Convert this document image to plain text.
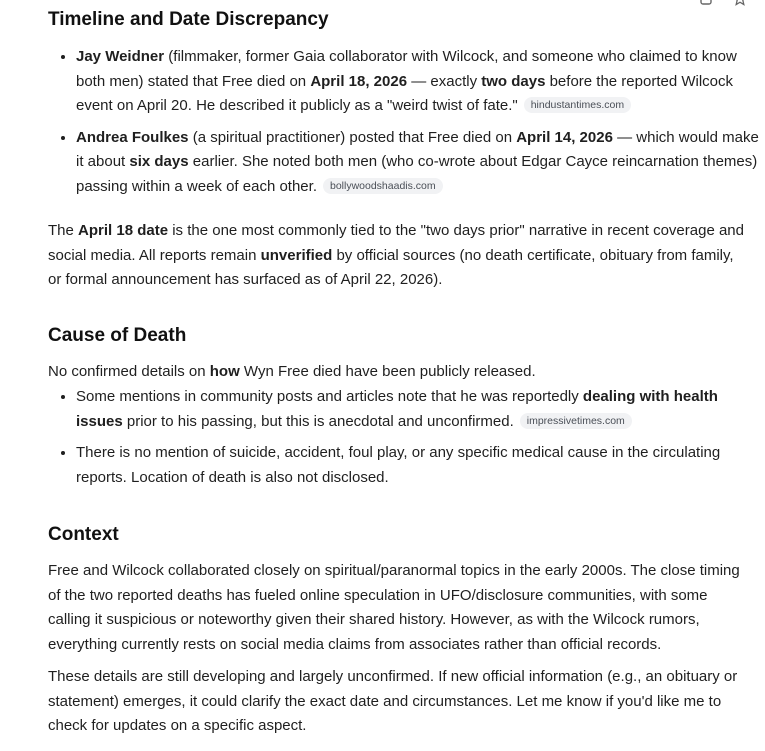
Timeline and Date Discrepancy
• Jay Weidner (filmmaker, former Gaia collaborator with Wilcock, and someone who claimed to know both men) stated that Free died on April 18, 2026 — exactly two days before the reported Wilcock event on April 20. He described it publicly as a "weird twist of fate." hindustantimes.com
• Andrea Foulkes (a spiritual practitioner) posted that Free died on April 14, 2026 — which would make it about six days earlier. She noted both men (who co-wrote about Edgar Cayce reincarnation themes) passing within a week of each other. bollywoodshaadis.com

The April 18 date is the one most commonly tied to the "two days prior" narrative in recent coverage and social media. All reports remain unverified by official sources (no death certificate, obituary from family, or formal announcement has surfaced as of April 22, 2026).

Cause of Death

No confirmed details on how Wyn Free died have been publicly released.

• Some mentions in community posts and articles note that he was reportedly dealing with health issues prior to his passing, but this is anecdotal and unconfirmed. impressivetimes.com
• There is no mention of suicide, accident, foul play, or any specific medical cause in the circulating reports. Location of death is also not disclosed.
Context

Free and Wilcock collaborated closely on spiritual/paranormal topics in the early 2000s. The close timing of the two reported deaths has fueled online speculation in UFO/disclosure communities, with some calling it suspicious or noteworthy given their shared history. However, as with the Wilcock rumors, everything currently rests on social media claims from associates rather than official records.

These details are still developing and largely unconfirmed. If new official information (e.g., an obituary or statement) emerges, it could clarify the exact date and circumstances. Let me know if you'd like me to check for updates on a specific aspect.
